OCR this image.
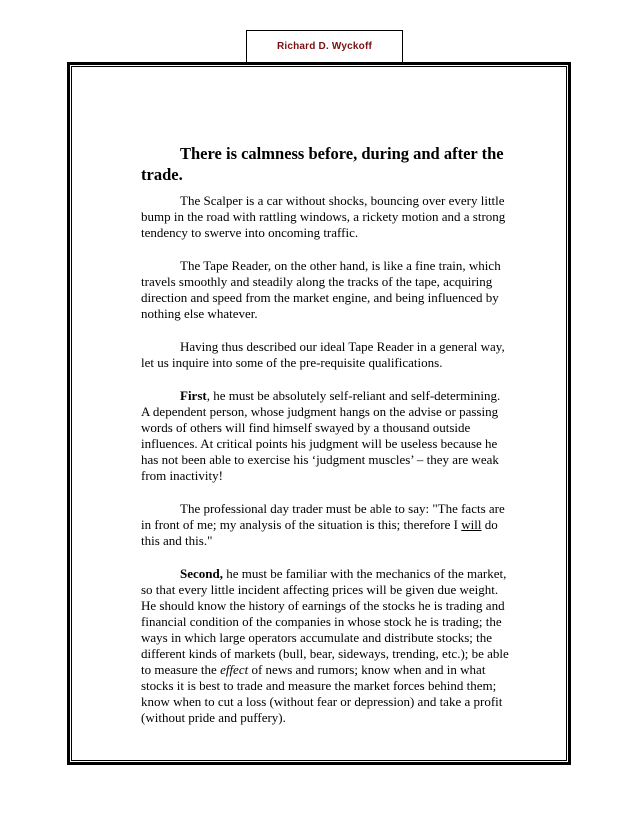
Richard D. Wyckoff

There is calmness before, during and after the trade.

The Scalper is a car without shocks, bouncing over every little bump in the road with rattling windows, a rickety motion and a strong tendency to swerve into oncoming traffic.

The Tape Reader, on the other hand, is like a fine train, which travels smoothly and steadily along the tracks of the tape, acquiring direction and speed from the market engine, and being influenced by nothing else whatever.

Having thus described our ideal Tape Reader in a general way, let us inquire into some of the pre-requisite qualifications.

First, he must be absolutely self-reliant and self-determining. A dependent person, whose judgment hangs on the advise or passing words of others will find himself swayed by a thousand outside influences. At critical points his judgment will be useless because he has not been able to exercise his ‘judgment muscles’ – they are weak from inactivity!

The professional day trader must be able to say: "The facts are in front of me; my analysis of the situation is this; therefore I will do this and this."

Second, he must be familiar with the mechanics of the market, so that every little incident affecting prices will be given due weight. He should know the history of earnings of the stocks he is trading and financial condition of the companies in whose stock he is trading; the ways in which large operators accumulate and distribute stocks; the different kinds of markets (bull, bear, sideways, trending, etc.); be able to measure the effect of news and rumors; know when and in what stocks it is best to trade and measure the market forces behind them; know when to cut a loss (without fear or depression) and take a profit (without pride and puffery).
